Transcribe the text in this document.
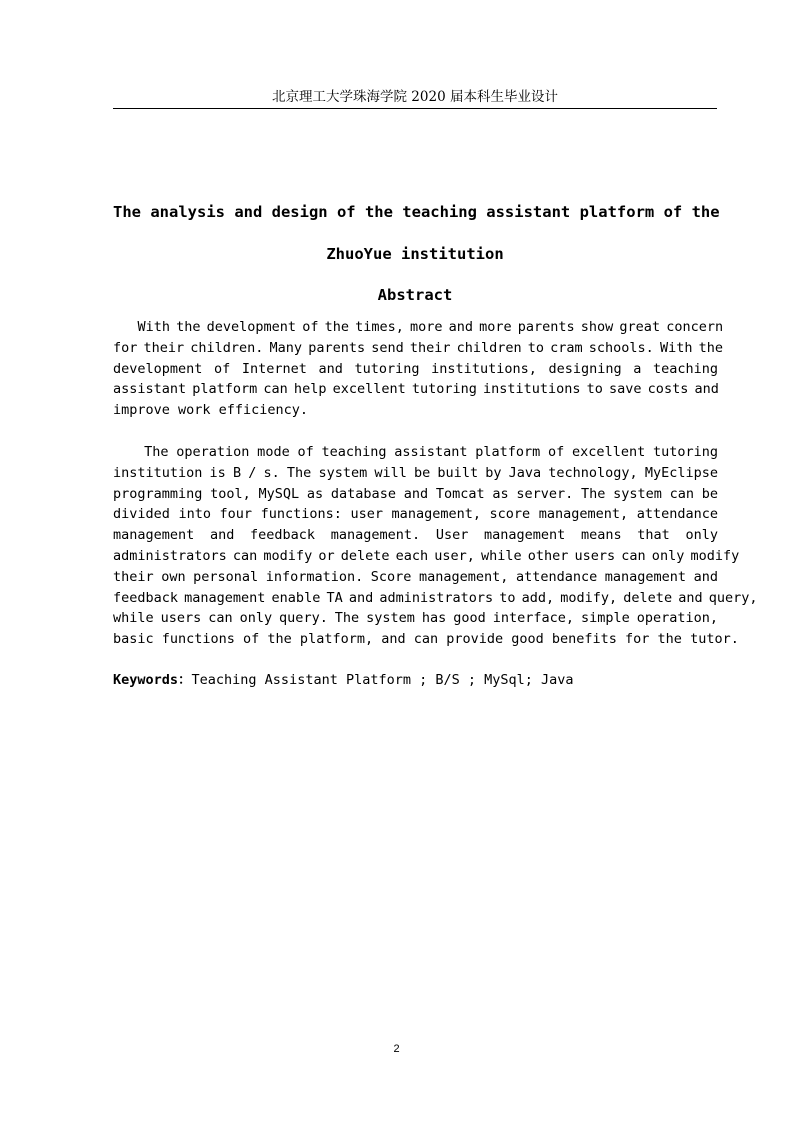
北京理工大学珠海学院 2020 届本科生毕业设计
The analysis and design of the teaching assistant platform of the
ZhuoYue institution
Abstract
With the development of the times, more and more parents show great concern
for their children. Many parents send their children to cram schools. With the
development of Internet and tutoring institutions, designing a teaching
assistant platform can help excellent tutoring institutions to save costs and
improve work efficiency.
The operation mode of teaching assistant platform of excellent tutoring
institution is B / s. The system will be built by Java technology, MyEclipse
programming tool, MySQL as database and Tomcat as server. The system can be
divided into four functions: user management, score management, attendance
management and feedback management. User management means that only
administrators can modify or delete each user, while other users can only modify
their own personal information. Score management, attendance management and
feedback management enable TA and administrators to add, modify, delete and query,
while users can only query. The system has good interface, simple operation,
basic functions of the platform, and can provide good benefits for the tutor.
Keywords：Teaching Assistant Platform ; B/S ; MySql; Java
2
